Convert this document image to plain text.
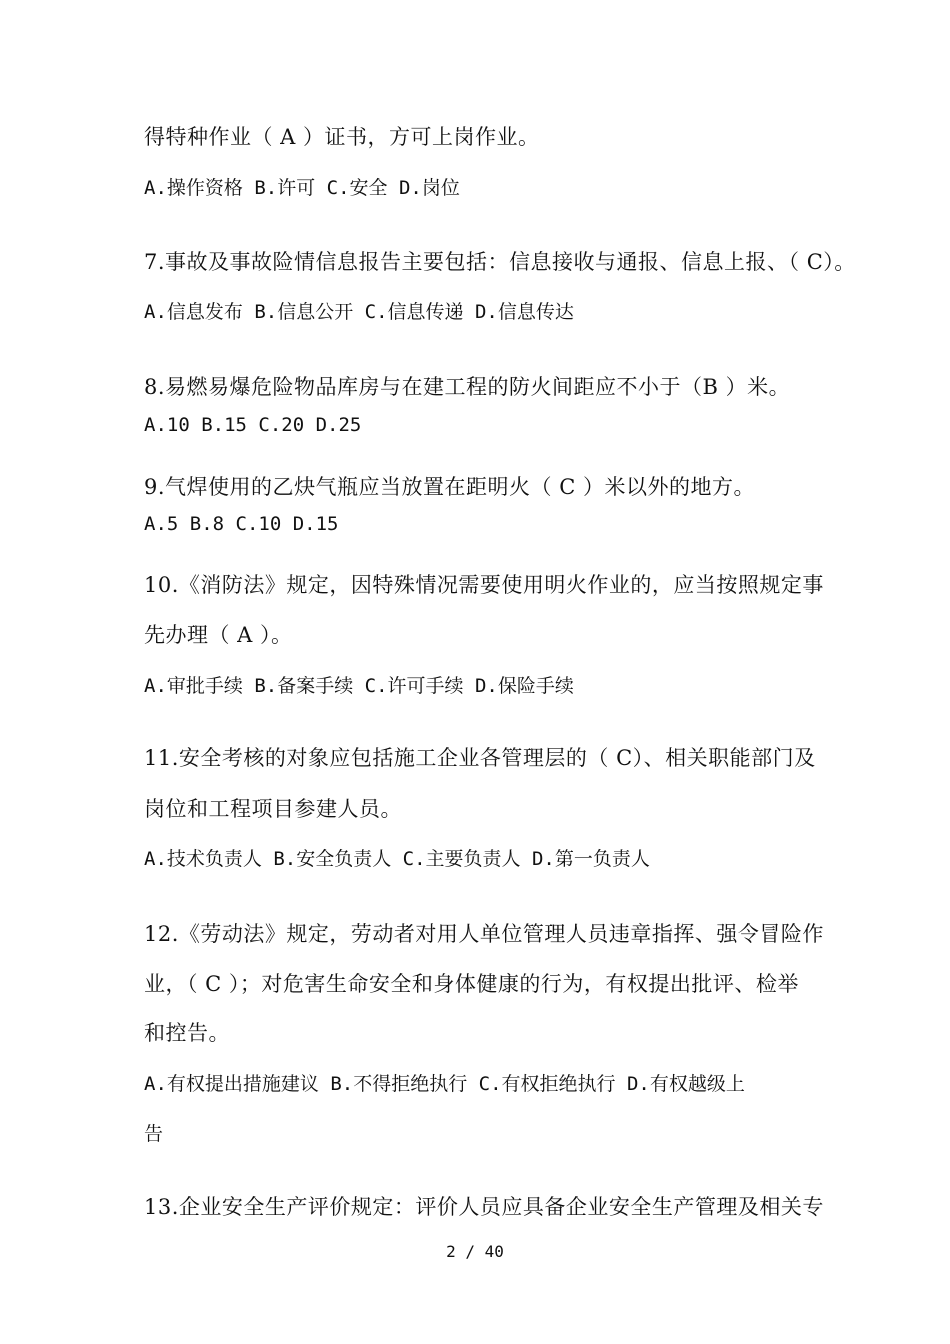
得特种作业（ A ）证书，方可上岗作业。
A.操作资格 B.许可 C.安全 D.岗位
7.事故及事故险情信息报告主要包括：信息接收与通报、信息上报、（ C）。
A.信息发布 B.信息公开 C.信息传递 D.信息传达
8.易燃易爆危险物品库房与在建工程的防火间距应不小于（B ）米。
A.10 B.15 C.20 D.25
9.气焊使用的乙炔气瓶应当放置在距明火（ C ）米以外的地方。
A.5 B.8 C.10 D.15
10.《消防法》规定，因特殊情况需要使用明火作业的，应当按照规定事
先办理（ A ）。
A.审批手续 B.备案手续 C.许可手续 D.保险手续
11.安全考核的对象应包括施工企业各管理层的（ C）、相关职能部门及
岗位和工程项目参建人员。
A.技术负责人 B.安全负责人 C.主要负责人 D.第一负责人
12.《劳动法》规定，劳动者对用人单位管理人员违章指挥、强令冒险作
业，（ C ）；对危害生命安全和身体健康的行为，有权提出批评、检举
和控告。
A.有权提出措施建议 B.不得拒绝执行 C.有权拒绝执行 D.有权越级上
告
13.企业安全生产评价规定：评价人员应具备企业安全生产管理及相关专
2 / 40
